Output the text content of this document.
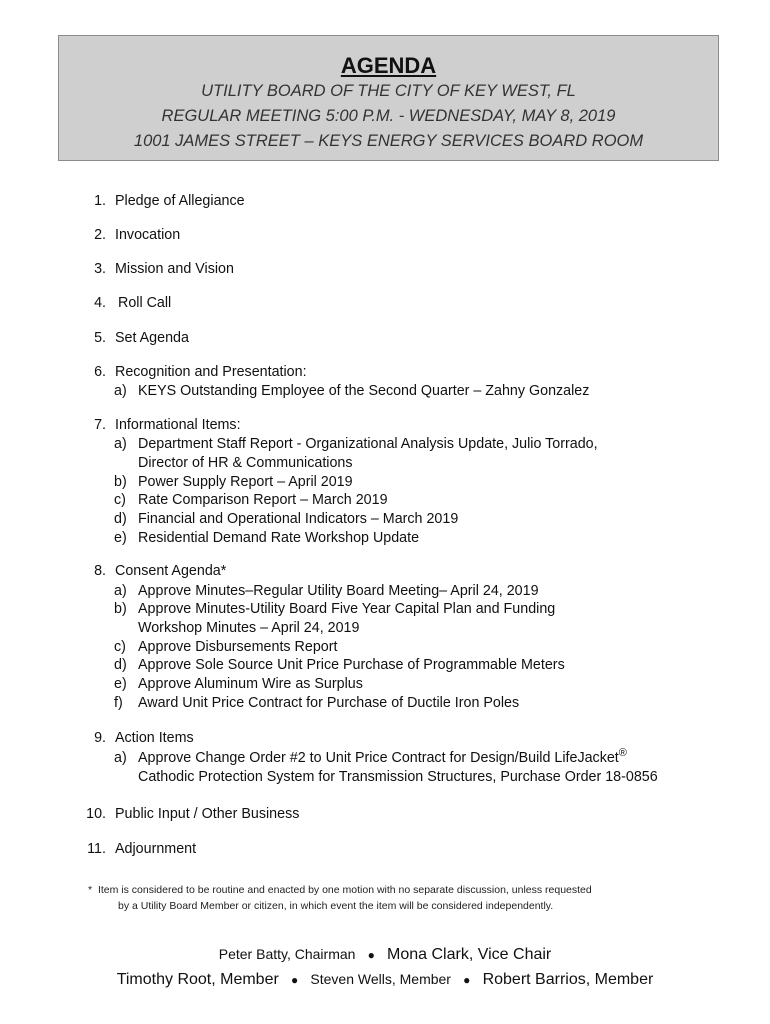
AGENDA
UTILITY BOARD OF THE CITY OF KEY WEST, FL
REGULAR MEETING 5:00 P.M. - WEDNESDAY, MAY 8, 2019
1001 JAMES STREET – KEYS ENERGY SERVICES BOARD ROOM
1. Pledge of Allegiance
2. Invocation
3. Mission and Vision
4. Roll Call
5. Set Agenda
6. Recognition and Presentation:
a) KEYS Outstanding Employee of the Second Quarter – Zahny Gonzalez
7. Informational Items:
a) Department Staff Report - Organizational Analysis Update, Julio Torrado,
Director of HR & Communications
b) Power Supply Report – April 2019
c) Rate Comparison Report – March 2019
d) Financial and Operational Indicators – March 2019
e) Residential Demand Rate Workshop Update
8. Consent Agenda*
a) Approve Minutes–Regular Utility Board Meeting– April 24, 2019
b) Approve Minutes-Utility Board Five Year Capital Plan and Funding
Workshop Minutes – April 24, 2019
c) Approve Disbursements Report
d) Approve Sole Source Unit Price Purchase of Programmable Meters
e) Approve Aluminum Wire as Surplus
f) Award Unit Price Contract for Purchase of Ductile Iron Poles
9. Action Items
a) Approve Change Order #2 to Unit Price Contract for Design/Build LifeJacket®
Cathodic Protection System for Transmission Structures, Purchase Order 18-0856
10. Public Input / Other Business
11. Adjournment
* Item is considered to be routine and enacted by one motion with no separate discussion, unless requested
by a Utility Board Member or citizen, in which event the item will be considered independently.
Peter Batty, Chairman ● Mona Clark, Vice Chair
Timothy Root, Member ● Steven Wells, Member ● Robert Barrios, Member
